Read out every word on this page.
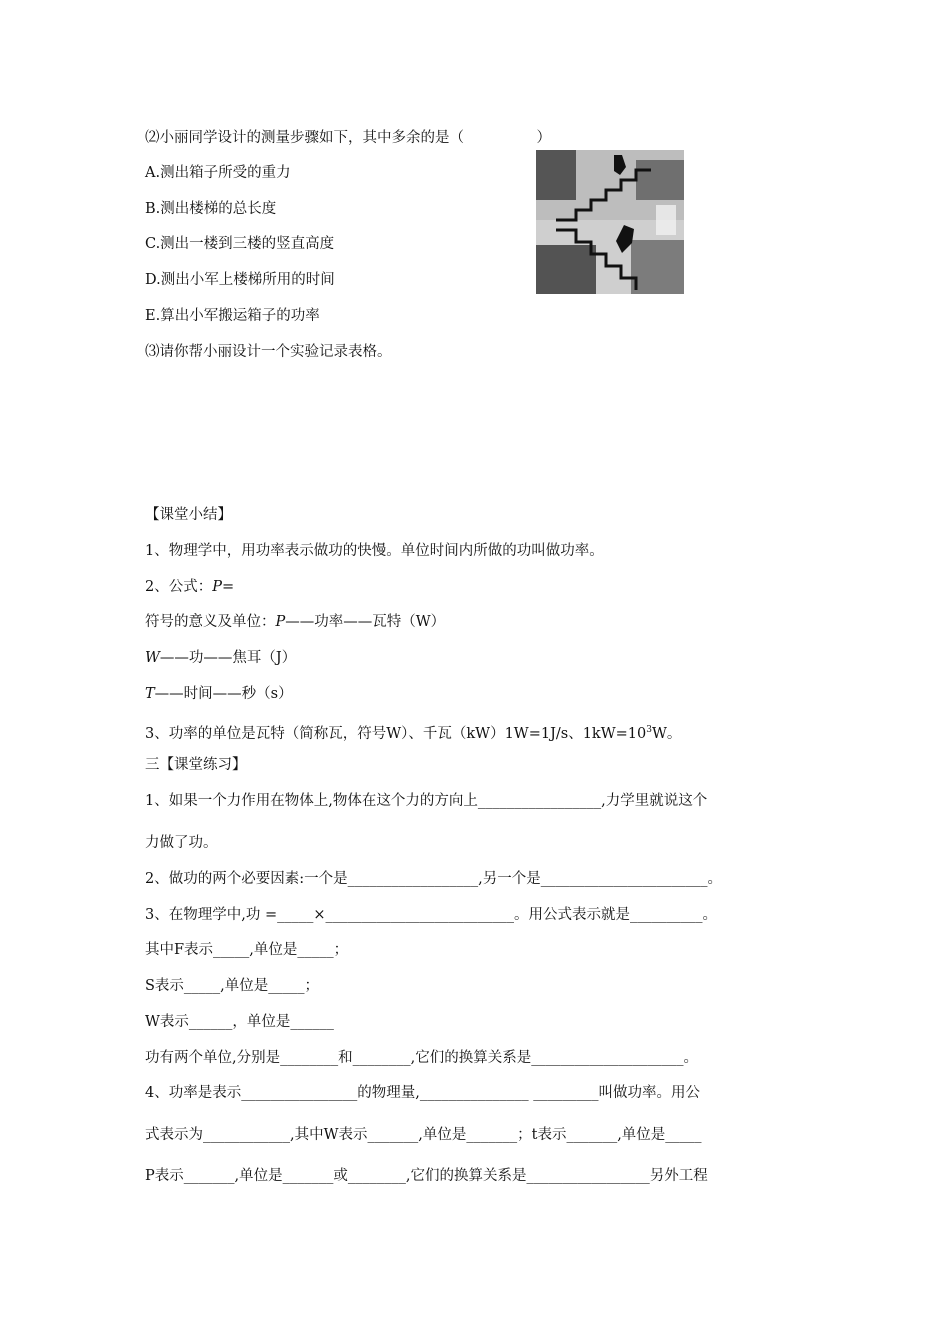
⑵小丽同学设计的测量步骤如下，其中多余的是（　　　　　）
A.测出箱子所受的重力
B.测出楼梯的总长度
C.测出一楼到三楼的竖直高度
D.测出小军上楼梯所用的时间
E.算出小军搬运箱子的功率
⑶请你帮小丽设计一个实验记录表格。
【课堂小结】
1、物理学中，用功率表示做功的快慢。单位时间内所做的功叫做功率。
2、公式：P=
符号的意义及单位：P——功率——瓦特（W）
W——功——焦耳（J）
T——时间——秒（s）
3、功率的单位是瓦特（简称瓦，符号W）、千瓦（kW）1W=1J/s、$1kW=10^3W$。
三【课堂练习】
1、如果一个力作用在物体上,物体在这个力的方向上_________________,力学里就说这个
力做了功。
2、做功的两个必要因素:一个是__________________,另一个是_______________________。
3、在物理学中,功 =_____×__________________________。用公式表示就是__________。
其中F表示_____,单位是_____；
S表示_____,单位是_____；
W表示______，单位是______
功有两个单位,分别是________和________,它们的换算关系是_____________________。
4、功率是表示________________的物理量,_______________ _________叫做功率。用公
式表示为____________,其中W表示_______,单位是_______；t表示_______,单位是_____
P表示_______,单位是_______或________,它们的换算关系是_________________另外工程
